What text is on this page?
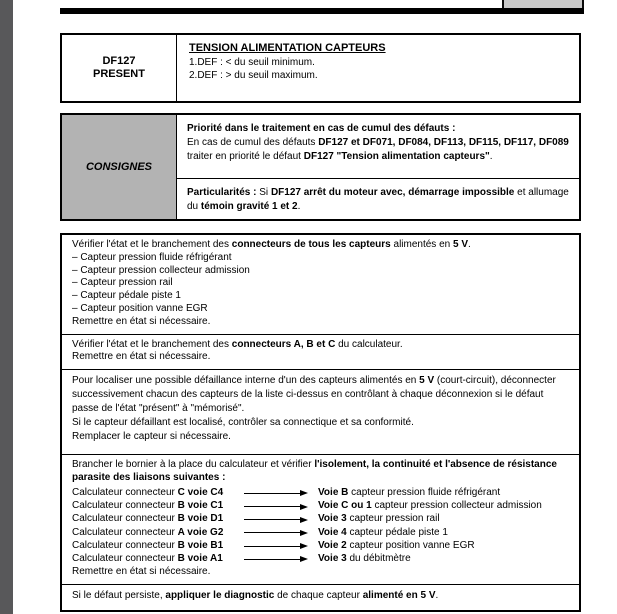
DF127
PRESENT
TENSION ALIMENTATION CAPTEURS
1.DEF : < du seuil minimum.
2.DEF : > du seuil maximum.
CONSIGNES
Priorité dans le traitement en cas de cumul des défauts :
En cas de cumul des défauts DF127 et DF071, DF084, DF113, DF115, DF117, DF089
traiter en priorité le défaut DF127 "Tension alimentation capteurs".
Particularités : Si DF127 arrêt du moteur avec, démarrage impossible et allumage du témoin gravité 1 et 2.
Vérifier l'état et le branchement des connecteurs de tous les capteurs alimentés en 5 V.
– Capteur pression fluide réfrigérant
– Capteur pression collecteur admission
– Capteur pression rail
– Capteur pédale piste 1
– Capteur position vanne EGR
Remettre en état si nécessaire.
Vérifier l'état et le branchement des connecteurs A, B et C du calculateur.
Remettre en état si nécessaire.
Pour localiser une possible défaillance interne d'un des capteurs alimentés en 5 V (court-circuit), déconnecter successivement chacun des capteurs de la liste ci-dessus en contrôlant à chaque déconnexion si le défaut passe de l'état "présent" à "mémorisé".
Si le capteur défaillant est localisé, contrôler sa connectique et sa conformité.
Remplacer le capteur si nécessaire.
Brancher le bornier à la place du calculateur et vérifier l'isolement, la continuité et l'absence de résistance parasite des liaisons suivantes :
Calculateur connecteur C voie C4	Voie B capteur pression fluide réfrigérant
Calculateur connecteur B voie C1	Voie C ou 1 capteur pression collecteur admission
Calculateur connecteur B voie D1	Voie 3 capteur pression rail
Calculateur connecteur A voie G2	Voie 4 capteur pédale piste 1
Calculateur connecteur B voie B1	Voie 2 capteur position vanne EGR
Calculateur connecteur B voie A1	Voie 3 du débitmètre
Remettre en état si nécessaire.
Si le défaut persiste, appliquer le diagnostic de chaque capteur alimenté en 5 V.
